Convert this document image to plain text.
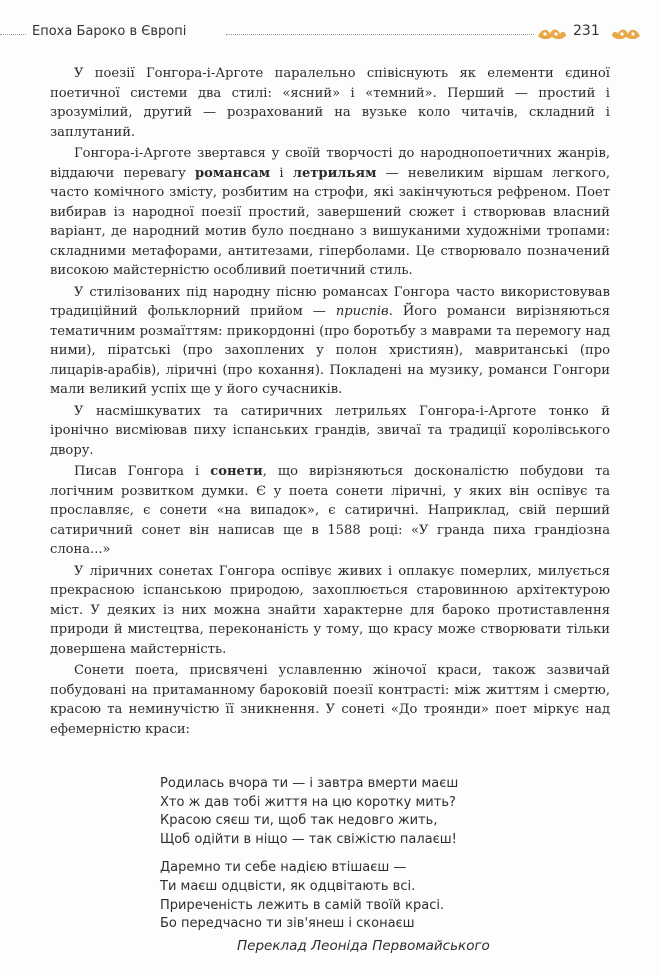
Епоха Бароко в Європі	231

У поезії Гонгора-і-Арготе паралельно співіснують як елементи єдиної поетичної системи два стилі: «ясний» і «темний». Перший — простий і зрозумілий, другий — розрахований на вузьке коло читачів, складний і заплутаний.

Гонгора-і-Арготе звертався у своїй творчості до народнопоетичних жанрів, віддаючи перевагу романсам і летрильям — невеликим віршам легкого, часто комічного змісту, розбитим на строфи, які закінчуються рефреном. Поет вибирав із народної поезії простий, завершений сюжет і створював власний варіант, де народний мотив було поєднано з вишуканими художніми тропами: складними метафорами, антитезами, гіперболами. Це створювало позначений високою майстерністю особливий поетичний стиль.

У стилізованих під народну пісню романсах Гонгора часто використовував традиційний фольклорний прийом — приспів. Його романси вирізняються тематичним розмаїттям: прикордонні (про боротьбу з маврами та перемогу над ними), піратські (про захоплених у полон християн), мавританські (про лицарів-арабів), ліричні (про кохання). Покладені на музику, романси Гонгори мали великий успіх ще у його сучасників.

У насмішкуватих та сатиричних летрильях Гонгора-і-Арготе тонко й іронічно висміював пиху іспанських грандів, звичаї та традиції королівського двору.

Писав Гонгора і сонети, що вирізняються досконалістю побудови та логічним розвитком думки. Є у поета сонети ліричні, у яких він оспівує та прославляє, є сонети «на випадок», є сатиричні. Наприклад, свій перший сатиричний сонет він написав ще в 1588 році: «У гранда пиха грандіозна слона...»

У ліричних сонетах Гонгора оспівує живих і оплакує померлих, милується прекрасною іспанською природою, захоплюється старовинною архітектурою міст. У деяких із них можна знайти характерне для бароко протиставлення природи й мистецтва, переконаність у тому, що красу може створювати тільки довершена майстерність.

Сонети поета, присвячені уславленню жіночої краси, також зазвичай побудовані на притаманному бароковій поезії контрасті: між життям і смертю, красою та неминучістю її зникнення. У сонеті «До троянди» поет міркує над ефемерністю краси:

Родилась вчора ти — і завтра вмерти маєш
Хто ж дав тобі життя на цю коротку мить?
Красою сяєш ти, щоб так недовго жить,
Щоб одійти в ніщо — так свіжістю палаєш!
Даремно ти себе надією втішаєш —
Ти маєш одцвісти, як одцвітають всі.
Приреченість лежить в самій твоїй красі.
Бо передчасно ти зів'янеш і сконаєш
Переклад Леоніда Первомайського
